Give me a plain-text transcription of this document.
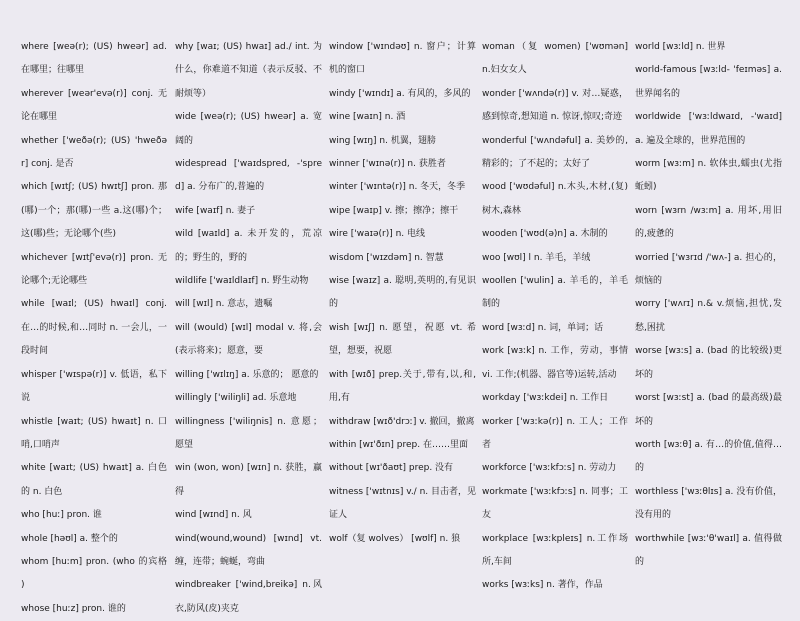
where [weə(r); (US) hweər] ad. 在哪里；往哪里
wherever [weər'evə(r)] conj. 无论在哪里
whether ['weðə(r); (US) 'hweðər] conj. 是否
which [wɪtʃ; (US) hwɪtʃ] pron. 那(哪)一个；那(哪)一些 a.这(哪)个；这(哪)些；无论哪个(些)
whichever [wɪtʃ'evə(r)] pron. 无论哪个;无论哪些
while [waɪl; (US) hwaɪl] conj.在…的时候,和…同时 n. 一会儿，一段时间
whisper ['wɪspə(r)] v. 低语，私下说
whistle [waɪt; (US) hwaɪt] n. 口哨,口哨声
white [waɪt; (US) hwaɪt] a. 白色的 n. 白色
who [huː] pron. 谁
whole [həʊl] a. 整个的
whom [huːm] pron. (who 的宾格 )
whose [huːz] pron. 谁的
why [waɪ; (US) hwaɪ] ad./ int. 为什么，你难道不知道（表示反驳、不耐烦等）
wide [weə(r); (US) hweər] a. 宽阔的
widespread ['waɪdspred, -'spred] a. 分布广的,普遍的
wife [waɪf] n. 妻子
wild [waɪld] a. 未开发的，荒凉的；野生的，野的
wildlife ['waɪldlaɪf] n. 野生动物
will [wɪl] n. 意志，遗嘱
will (would) [wɪl] modal v. 将,会(表示将来)；愿意，要
willing ['wɪlɪŋ] a. 乐意的； 愿意的
willingly ['wiliŋli] ad. 乐意地
willingness ['wiliŋnis] n. 意愿； 愿望
win (won, won) [wɪn] n. 获胜，赢得
wind [wɪnd] n. 风
wind(wound,wound) [wɪnd] vt. 缠，连带；蜿蜒，弯曲
windbreaker ['wind,breikə] n.风衣,防风(皮)夹克
window ['wɪndəʊ] n. 窗户；计算机的窗口
windy ['wɪndɪ] a. 有风的，多风的
wine [waɪn] n. 酒
wing [wɪŋ] n. 机翼，翅膀
winner ['wɪnə(r)] n. 获胜者
winter ['wɪntə(r)] n. 冬天，冬季
wipe [waɪp] v. 擦；擦净；擦干
wire ['waɪə(r)] n. 电线
wisdom ['wɪzdəm] n. 智慧
wise [waɪz] a. 聪明,英明的,有见识的
wish [wɪʃ] n. 愿望，祝愿 vt. 希望，想要，祝愿
with [wɪð] prep.关于,带有,以,和,用,有
withdraw [wɪð'drɔː] v. 撤回，撤离
within [wɪ'ðɪn] prep. 在……里面
without [wɪ'ðaʊt] prep. 没有
witness ['wɪtnɪs] v./ n. 目击者，见证人
wolf（复 wolves） [wʊlf] n. 狼
woman（复 women) ['wʊmən] n.妇女女人
wonder ['wʌndə(r)] v. 对…疑惑，感到惊奇,想知道 n. 惊讶,惊叹;奇迹
wonderful ['wʌndəful] a. 美妙的,精彩的；了不起的；太好了
wood ['wʊdəful] n.木头,木材,(复)树木,森林
wooden ['wʊd(ə)n] a. 木制的
woo [wʊl] l n. 羊毛，羊绒
woollen ['wulin] a. 羊毛的，羊毛制的
word [wɜːd] n. 词，单词；话
work [wɜːk] n. 工作，劳动，事情 vi. 工作;(机器、器官等)运转,活动
workday ['wɜːkdei] n. 工作日
worker ['wɜːkə(r)] n. 工人；工作者
workforce ['wɜːkfɔːs] n. 劳动力
workmate ['wɜːkfɔːs] n. 同事；工友
workplace [wɜːkpleɪs] n.工作场所,车间
works [wɜːks] n. 著作，作品
world [wɜːld] n. 世界
world-famous [wɜːld- 'feɪməs] a. 世界闻名的
worldwide ['wɜːldwaɪd, -'waɪd] a. 遍及全球的，世界范围的
worm [wɜːm] n. 软体虫,蠕虫(尤指蚯蚓)
worn [wɜrn /wɜːm] a. 用坏,用旧的,疲惫的
worried ['wɜrɪd /'wʌ-] a. 担心的，烦恼的
worry ['wʌrɪ] n.& v.烦恼,担忧,发愁,困扰
worse [wɜːs] a. (bad 的比较级)更坏的
worst [wɜːst] a. (bad 的最高级)最坏的
worth [wɜːθ] a. 有…的价值,值得…的
worthless ['wɜːθlɪs] a. 没有价值，没有用的
worthwhile [wɜː'θ'waɪl] a. 值得做的
